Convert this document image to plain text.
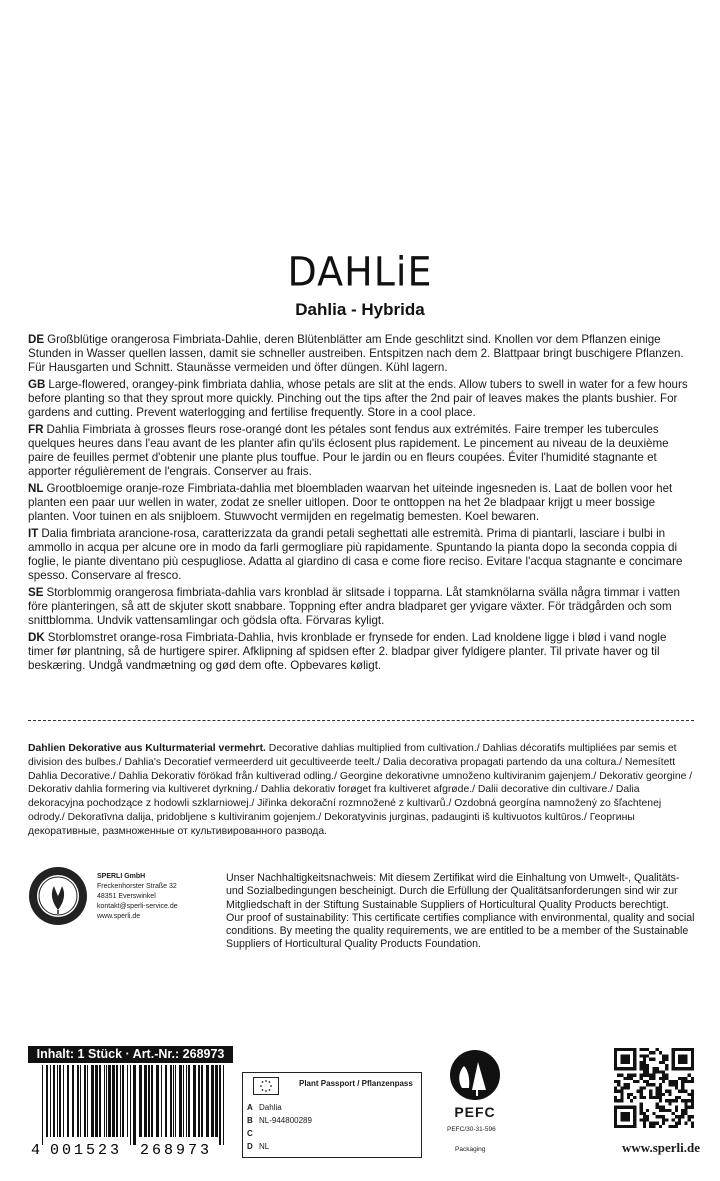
DAHLiE
Dahlia - Hybrida
DE Großblütige orangerosa Fimbriata-Dahlie, deren Blütenblätter am Ende geschlitzt sind. Knollen vor dem Pflanzen einige Stunden in Wasser quellen lassen, damit sie schneller austreiben. Entspitzen nach dem 2. Blattpaar bringt buschigere Pflanzen. Für Hausgarten und Schnitt. Staunässe vermeiden und öfter düngen. Kühl lagern.
GB Large-flowered, orangey-pink fimbriata dahlia, whose petals are slit at the ends. Allow tubers to swell in water for a few hours before planting so that they sprout more quickly. Pinching out the tips after the 2nd pair of leaves makes the plants bushier. For gardens and cutting. Prevent waterlogging and fertilise frequently. Store in a cool place.
FR Dahlia Fimbriata à grosses fleurs rose-orangé dont les pétales sont fendus aux extrémités. Faire tremper les tubercules quelques heures dans l'eau avant de les planter afin qu'ils éclosent plus rapidement. Le pincement au niveau de la deuxième paire de feuilles permet d'obtenir une plante plus touffue. Pour le jardin ou en fleurs coupées. Éviter l'humidité stagnante et apporter régulièrement de l'engrais. Conserver au frais.
NL Grootbloemige oranje-roze Fimbriata-dahlia met bloembladen waarvan het uiteinde ingesneden is. Laat de bollen voor het planten een paar uur wellen in water, zodat ze sneller uitlopen. Door te onttoppen na het 2e bladpaar krijgt u meer bossige planten. Voor tuinen en als snijbloem. Stuwvocht vermijden en regelmatig bemesten. Koel bewaren.
IT Dalia fimbriata arancione-rosa, caratterizzata da grandi petali seghettati alle estremità. Prima di piantarli, lasciare i bulbi in ammollo in acqua per alcune ore in modo da farli germogliare più rapidamente. Spuntando la pianta dopo la seconda coppia di foglie, le piante diventano più cespugliose. Adatta al giardino di casa e come fiore reciso. Evitare l'acqua stagnante e concimare spesso. Conservare al fresco.
SE Storblommig orangerosa fimbriata-dahlia vars kronblad är slitsade i topparna. Låt stamknölarna svälla några timmar i vatten före planteringen, så att de skjuter skott snabbare. Toppning efter andra bladparet ger yvigare växter. För trädgården och som snittblomma. Undvik vattensamlingar och gödsla ofta. Förvaras kyligt.
DK Storblomstret orange-rosa Fimbriata-Dahlia, hvis kronblade er frynsede for enden. Lad knoldene ligge i blød i vand nogle timer før plantning, så de hurtigere spirer. Afklipning af spidsen efter 2. bladpar giver fyldigere planter. Til private haver og til beskæring. Undgå vandmætning og gød dem ofte. Opbevares køligt.
Dahlien Dekorative aus Kulturmaterial vermehrt. Decorative dahlias multiplied from cultivation./ Dahlias décoratifs multipliées par semis et division des bulbes./ Dahlia's Decoratief vermeerderd uit gecultiveerde teelt./ Dalia decorativa propagati partendo da una coltura./ Nemesített Dahlia Decorative./ Dahlia Dekorativ förökad från kultiverad odling./ Georgine dekorativne umnoženo kultiviranim gajenjem./ Dekorativ georgine / Dekorativ dahlia formering via kultiveret dyrkning./ Dahlia dekorativ forøget fra kultiveret afgrøde./ Dalii decorative din cultivare./ Dalia dekoracyjna pochodzące z hodowli szklarniowej./ Jiřinka dekorační rozmnožené z kultivarů./ Ozdobná georgína namnožený zo šľachtenej odrody./ Dekoratīvna dalija, pridobljene s kultiviranim gojenjem./ Dekoratyvinis jurginas, padauginti iš kultivuotos kultūros./ Георгины декоративные, размноженные от культивированного развода.
SPERLI GmbH
Freckenhorster Straße 32
48351 Everswinkel
kontakt@sperli-service.de
www.sperli.de
Unser Nachhaltigkeitsnachweis: Mit diesem Zertifikat wird die Einhaltung von Umwelt-, Qualitäts- und Sozialbedingungen bescheinigt. Durch die Erfüllung der Qualitätsanforderungen sind wir zur Mitgliedschaft in der Stiftung Sustainable Suppliers of Horticultural Quality Products berechtigt.
Our proof of sustainability: This certificate certifies compliance with environmental, quality and social conditions. By meeting the quality requirements, we are entitled to be a member of the Sustainable Suppliers of Horticultural Quality Products Foundation.
Inhalt: 1 Stück · Art.-Nr.: 268973
4 001523 268973
Plant Passport / Pflanzenpass
A Dahlia
B NL-944800289
C
D NL
PEFC
PEFC/30-31-596
Packaging	www.sperli.de
